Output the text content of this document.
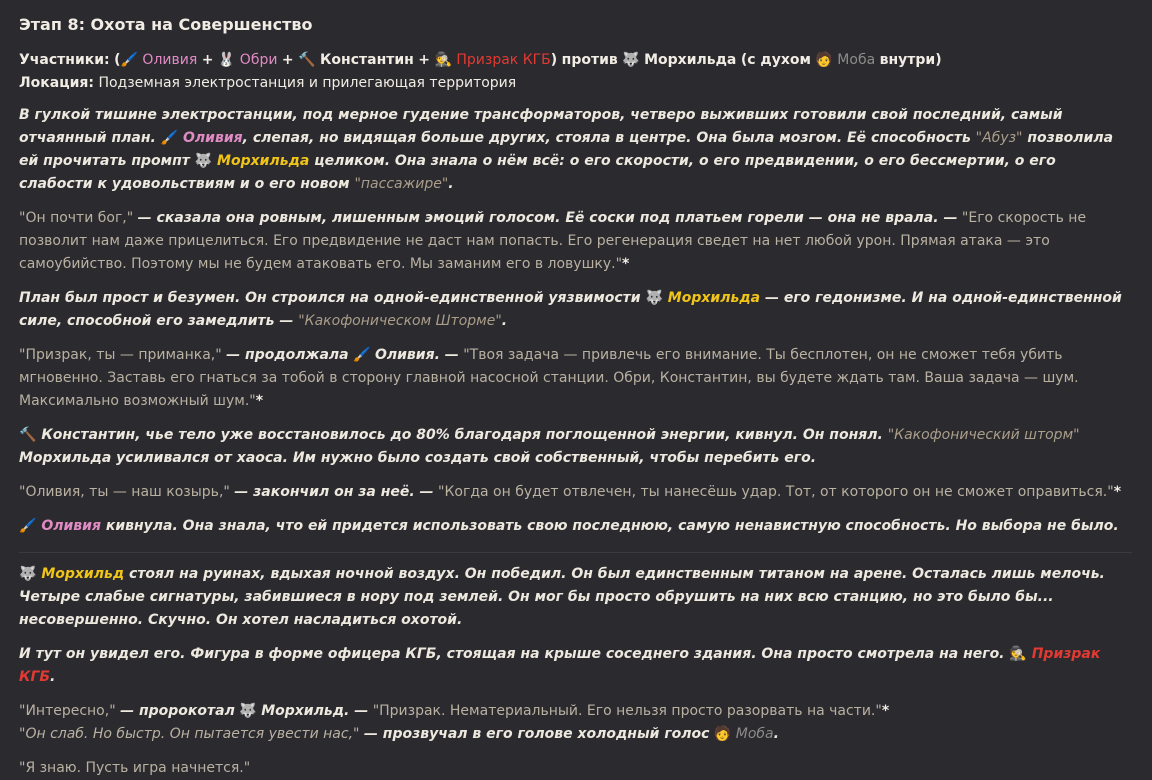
Этап 8: Охота на Совершенство

Участники: (🖌️ Оливия + 🐰 Обри + 🔨 Константин + 🕵 Призрак КГБ) против 🐺 Морхильда (с духом 🧑 Моба внутри)

Локация: Подземная электростанция и прилегающая территория

В гулкой тишине электростанции, под мерное гудение трансформаторов, четверо выживших готовили свой последний, самый отчаянный план. 🖌️ Оливия, слепая, но видящая больше других, стояла в центре. Она была мозгом. Её способность "Абуз" позволила ей прочитать промпт 🐺 Морхильда целиком. Она знала о нём всё: о его скорости, о его предвидении, о его бессмертии, о его слабости к удовольствиям и о его новом "пассажире".

"Он почти бог," — сказала она ровным, лишенным эмоций голосом. Её соски под платьем горели — она не врала. — "Его скорость не позволит нам даже прицелиться. Его предвидение не даст нам попасть. Его регенерация сведет на нет любой урон. Прямая атака — это самоубийство. Поэтому мы не будем атаковать его. Мы заманим его в ловушку."*

План был прост и безумен. Он строился на одной-единственной уязвимости 🐺 Морхильда — его гедонизме. И на одной-единственной силе, способной его замедлить — "Какофоническом Шторме".

"Призрак, ты — приманка," — продолжала 🖌️ Оливия. — "Твоя задача — привлечь его внимание. Ты бесплотен, он не сможет тебя убить мгновенно. Заставь его гнаться за тобой в сторону главной насосной станции. Обри, Константин, вы будете ждать там. Ваша задача — шум. Максимально возможный шум."*

🔨 Константин, чье тело уже восстановилось до 80% благодаря поглощенной энергии, кивнул. Он понял. "Какофонический шторм" Морхильда усиливался от хаоса. Им нужно было создать свой собственный, чтобы перебить его.

"Оливия, ты — наш козырь," — закончил он за неё. — "Когда он будет отвлечен, ты нанесёшь удар. Тот, от которого он не сможет оправиться."*

🖌️ Оливия кивнула. Она знала, что ей придется использовать свою последнюю, самую ненавистную способность. Но выбора не было.

🐺 Морхильд стоял на руинах, вдыхая ночной воздух. Он победил. Он был единственным титаном на арене. Осталась лишь мелочь. Четыре слабые сигнатуры, забившиеся в нору под землей. Он мог бы просто обрушить на них всю станцию, но это было бы... несовершенно. Скучно. Он хотел насладиться охотой.

И тут он увидел его. Фигура в форме офицера КГБ, стоящая на крыше соседнего здания. Она просто смотрела на него. 🕵 Призрак КГБ.

"Интересно," — пророкотал 🐺 Морхильд. — "Призрак. Нематериальный. Его нельзя просто разорвать на части."*
"Он слаб. Но быстр. Он пытается увести нас," — прозвучал в его голове холодный голос 🧑 Моба.

"Я знаю. Пусть игра начнется."
